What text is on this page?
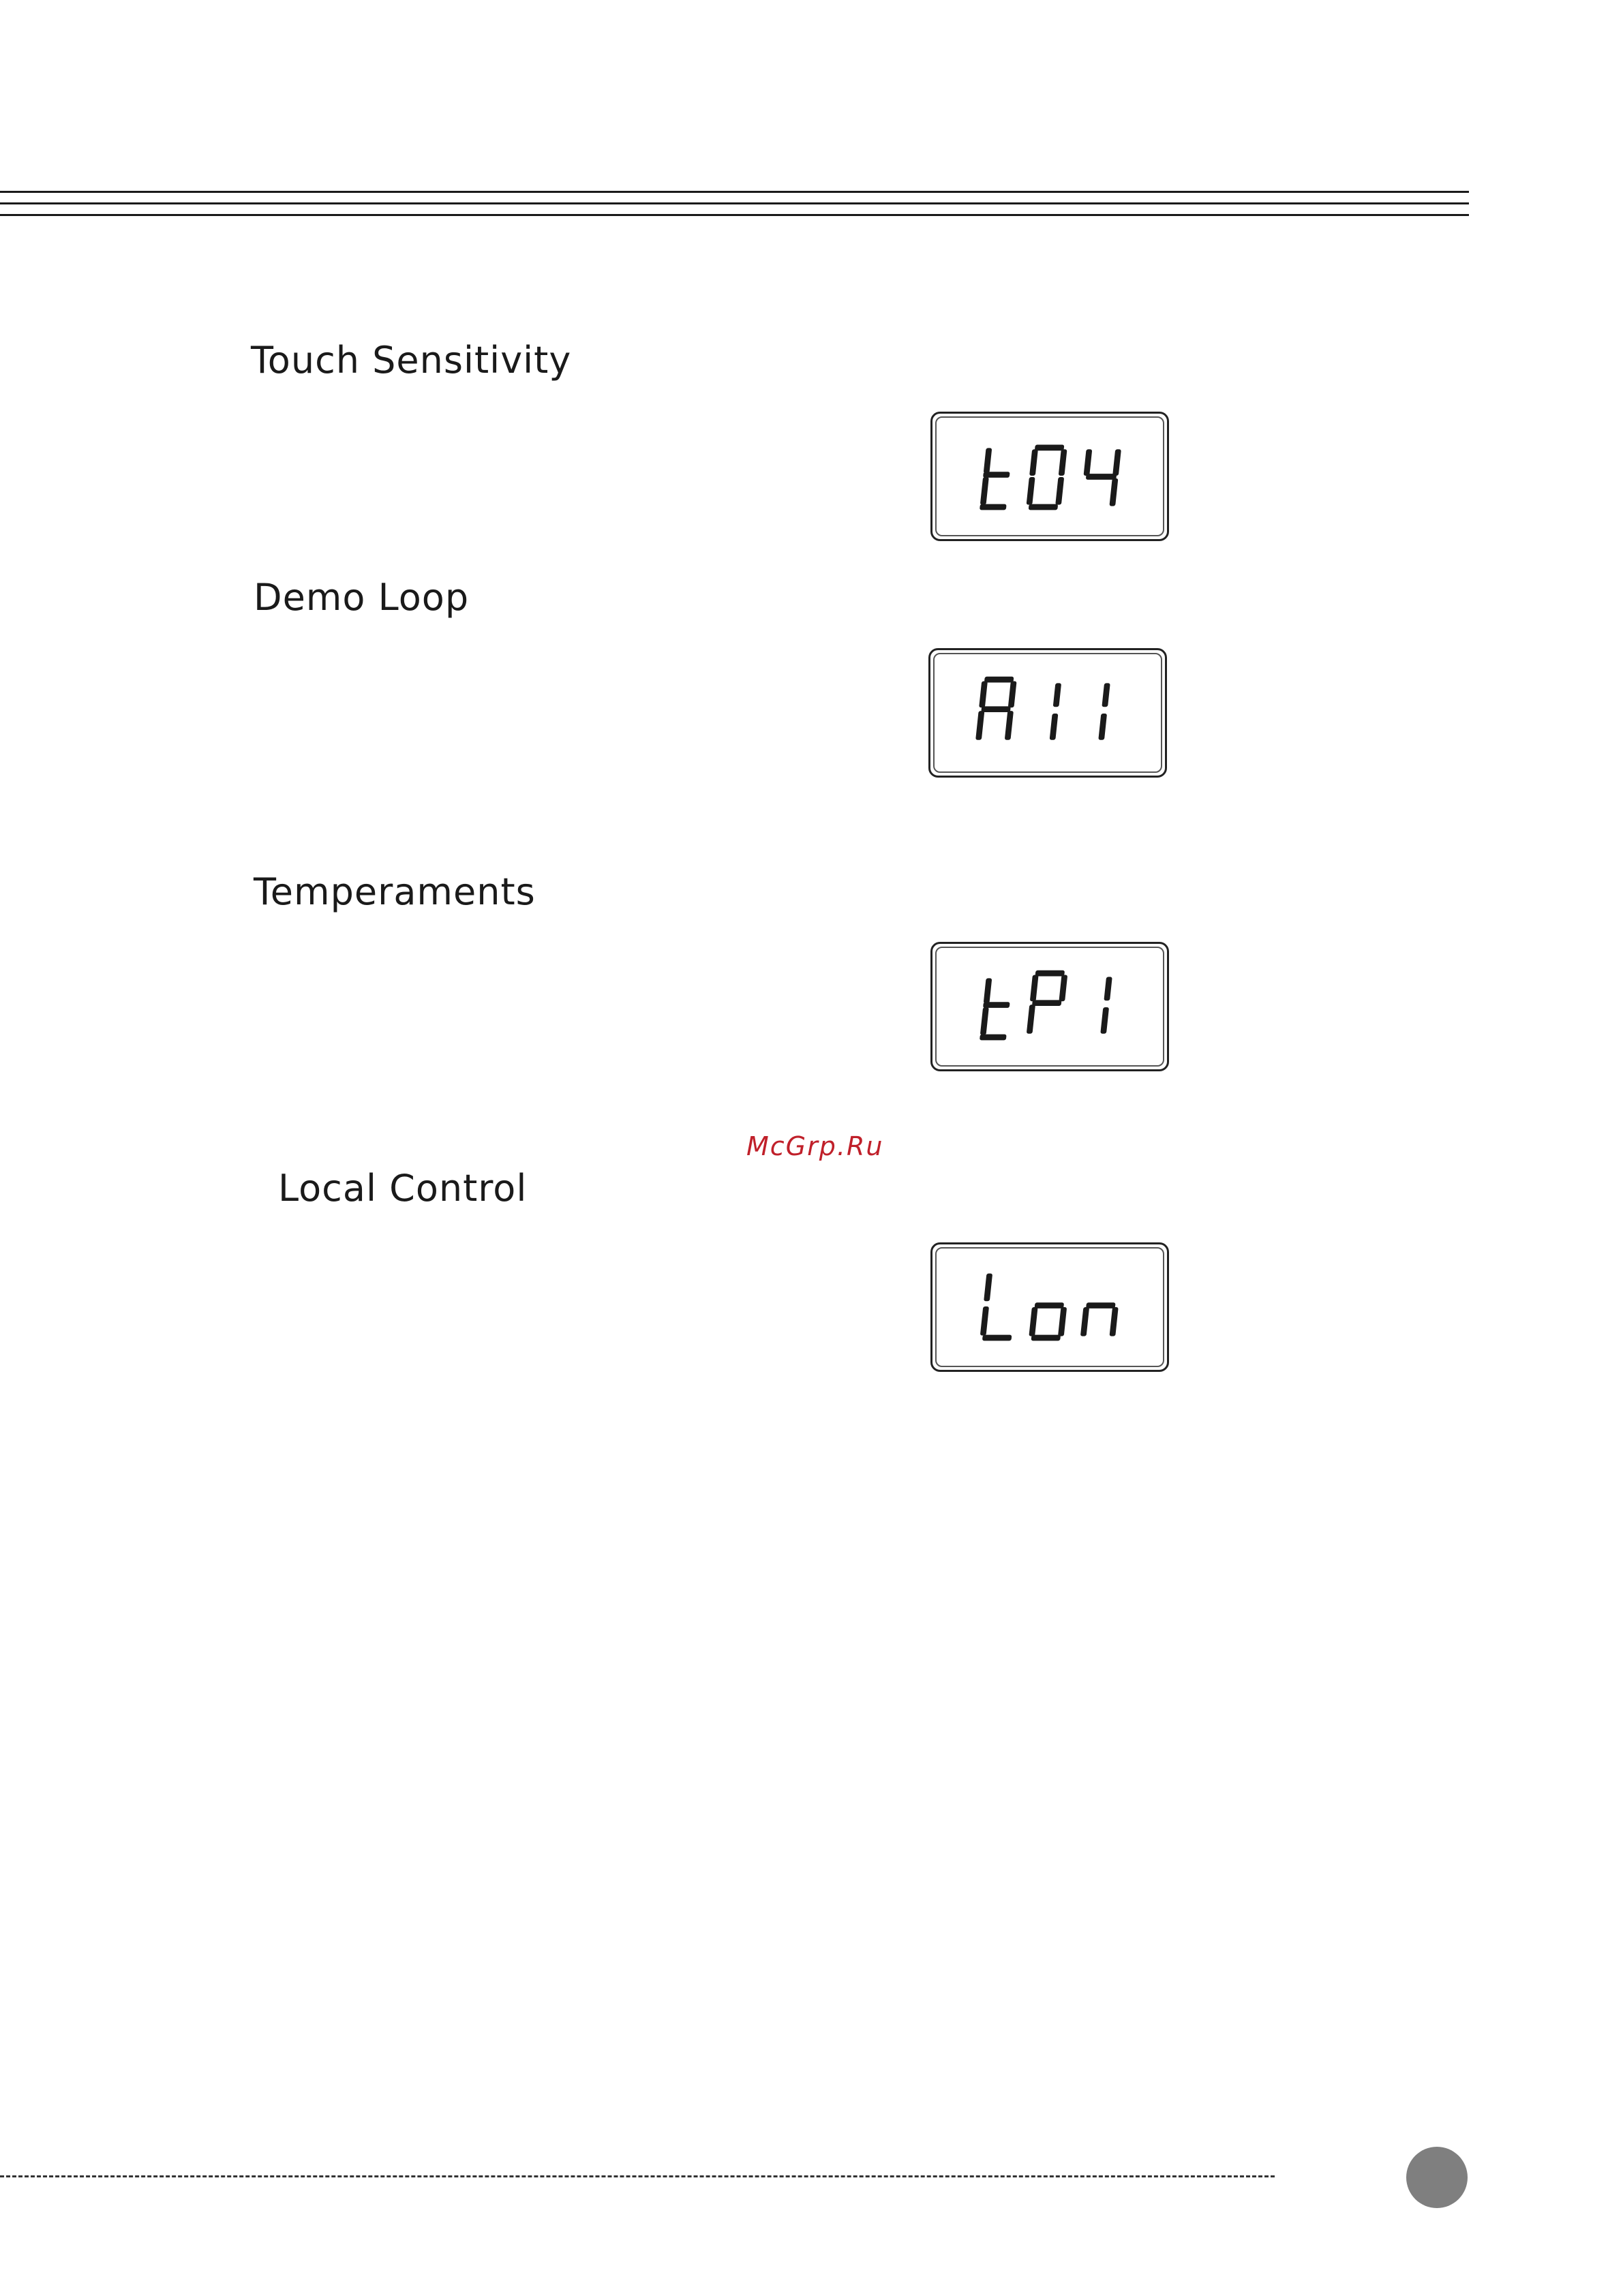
Touch Sensitivity
Demo Loop
Temperaments
McGrp.Ru
Local Control
